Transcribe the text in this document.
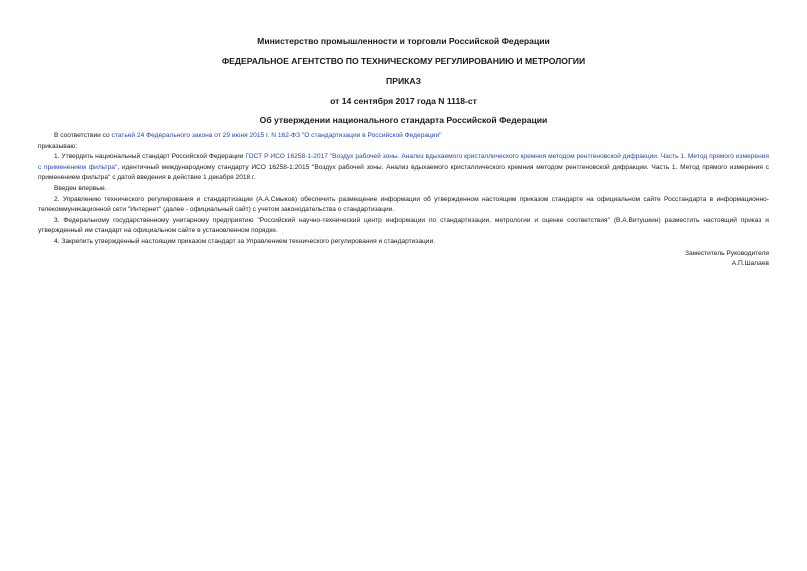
Министерство промышленности и торговли Российской Федерации
ФЕДЕРАЛЬНОЕ АГЕНТСТВО ПО ТЕХНИЧЕСКОМУ РЕГУЛИРОВАНИЮ И МЕТРОЛОГИИ
ПРИКАЗ
от 14 сентября 2017 года N 1118-ст
Об утверждении национального стандарта Российской Федерации

В соответствии со статьей 24 Федерального закона от 29 июня 2015 г. N 162-ФЗ "О стандартизации в Российской Федерации"

приказываю:

1. Утвердить национальный стандарт Российской Федерации ГОСТ Р ИСО 16258-1-2017 "Воздух рабочей зоны. Анализ вдыхаемого кристаллического кремния методом рентгеновской дифракции. Часть 1. Метод прямого измерения с применением фильтра", идентичный международному стандарту ИСО 16258-1:2015 "Воздух рабочей зоны. Анализ вдыхаемого кристаллического кремния методом рентгеновской дифракции. Часть 1. Метод прямого измерения с применением фильтра" с датой введения в действие 1 декабря 2018 г.

Введен впервые.

2. Управлению технического регулирования и стандартизации (А.А.Смыков) обеспечить размещение информации об утвержденном настоящим приказом стандарте на официальном сайте Росстандарта в информационно-телекоммуникационной сети "Интернет" (далее - официальный сайт) с учетом законодательства о стандартизации.

3. Федеральному государственному унитарному предприятию "Российский научно-технический центр информации по стандартизации, метрологии и оценке соответствия" (В.А.Витушкин) разместить настоящий приказ и утвержденный им стандарт на официальном сайте в установленном порядке.

4. Закрепить утвержденный настоящим приказом стандарт за Управлением технического регулирования и стандартизации.

Заместитель Руководителя

А.П.Шалаев
